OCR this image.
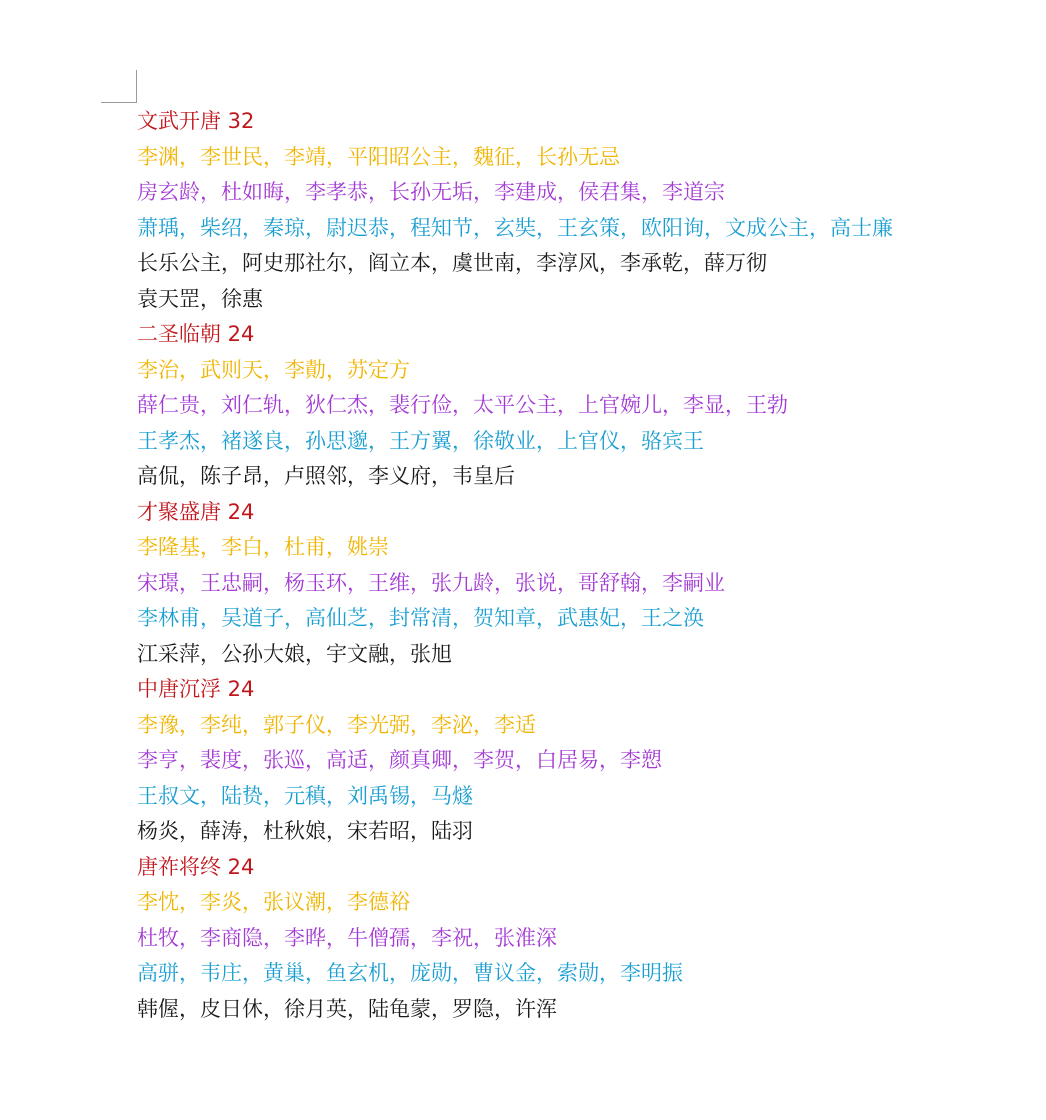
文武开唐 32
李渊，李世民，李靖，平阳昭公主，魏征，长孙无忌
房玄龄，杜如晦，李孝恭，长孙无垢，李建成，侯君集，李道宗
萧瑀，柴绍，秦琼，尉迟恭，程知节，玄奘，王玄策，欧阳询，文成公主，高士廉
长乐公主，阿史那社尔，阎立本，虞世南，李淳风，李承乾，薛万彻
袁天罡，徐惠
二圣临朝 24
李治，武则天，李勣，苏定方
薛仁贵，刘仁轨，狄仁杰，裴行俭，太平公主，上官婉儿，李显，王勃
王孝杰，褚遂良，孙思邈，王方翼，徐敬业，上官仪，骆宾王
高侃，陈子昂，卢照邻，李义府，韦皇后
才聚盛唐 24
李隆基，李白，杜甫，姚崇
宋璟，王忠嗣，杨玉环，王维，张九龄，张说，哥舒翰，李嗣业
李林甫，吴道子，高仙芝，封常清，贺知章，武惠妃，王之涣
江采萍，公孙大娘，宇文融，张旭
中唐沉浮 24
李豫，李纯，郭子仪，李光弼，李泌，李适
李亨，裴度，张巡，高适，颜真卿，李贺，白居易，李愬
王叔文，陆贽，元稹，刘禹锡，马燧
杨炎，薛涛，杜秋娘，宋若昭，陆羽
唐祚将终 24
李忱，李炎，张议潮，李德裕
杜牧，李商隐，李晔，牛僧孺，李祝，张淮深
高骈，韦庄，黄巢，鱼玄机，庞勋，曹议金，索勋，李明振
韩偓，皮日休，徐月英，陆龟蒙，罗隐，许浑
